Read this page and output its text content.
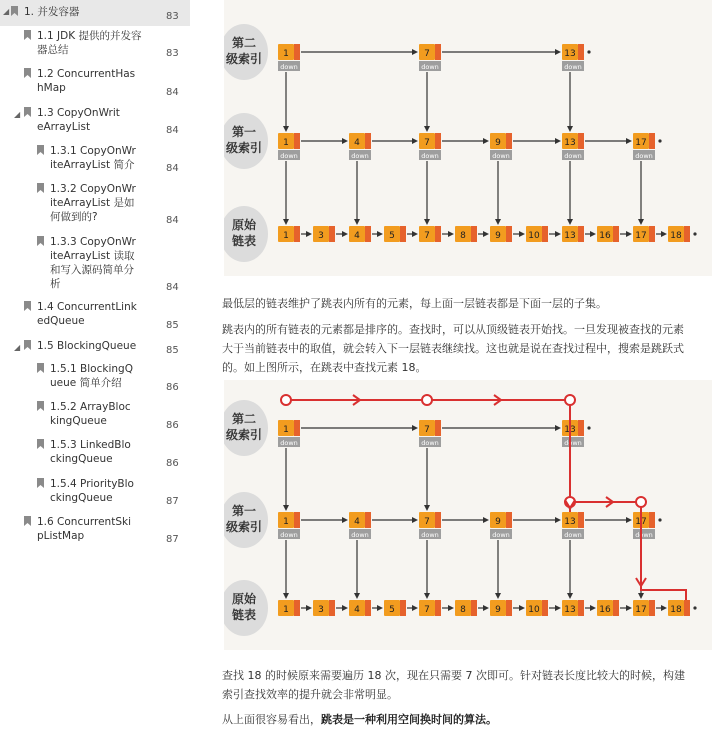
◢ 1. 并发容器	83
1.1 JDK 提供的并发容器总结	83
1.2 ConcurrentHashMap	84
◢ 1.3 CopyOnWriteArrayList	84
1.3.1 CopyOnWriteArrayList 简介	84
1.3.2 CopyOnWriteArrayList 是如何做到的?	84
1.3.3 CopyOnWriteArrayList 读取和写入源码简单分析	84
1.4 ConcurrentLinkedQueue	85
◢ 1.5 BlockingQueue	85
1.5.1 BlockingQueue 简单介绍	86
1.5.2 ArrayBlockingQueue	86
1.5.3 LinkedBlockingQueue	86
1.5.4 PriorityBlockingQueue	87
1.6 ConcurrentSkipListMap	87
第二
级索引
第一
级索引
原始
链表
1
down
7
down
13
down
1
down
4
down
7
down
9
down
13
down
17
down
1	3	4	5	7	8	9	10	13	16	17	18
最低层的链表维护了跳表内所有的元素，每上面一层链表都是下面一层的子集。
跳表内的所有链表的元素都是排序的。查找时，可以从顶级链表开始找。一旦发现被查找的元素大于当前链表中的取值，就会转入下一层链表继续找。这也就是说在查找过程中，搜索是跳跃式的。如上图所示，在跳表中查找元素 18。
第二
级索引
第一
级索引
原始
链表
1
down
7
down
13
down
1
down
4
down
7
down
9
down
13
down
17
down
1	3	4	5	7	8	9	10	13	16	17	18
查找 18 的时候原来需要遍历 18 次，现在只需要 7 次即可。针对链表长度比较大的时候，构建索引查找效率的提升就会非常明显。
从上面很容易看出，跳表是一种利用空间换时间的算法。
